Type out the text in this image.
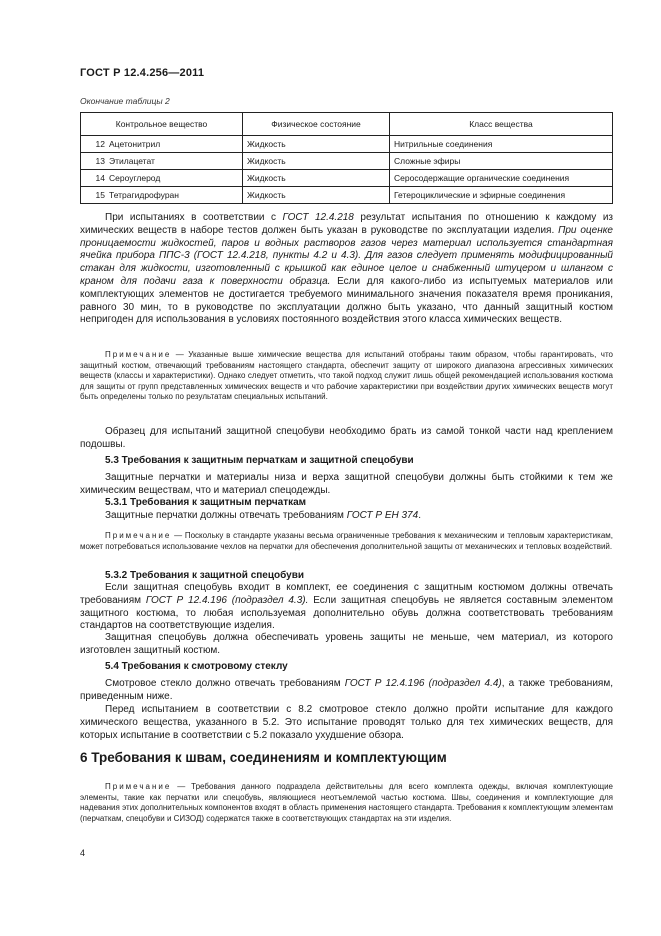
ГОСТ Р 12.4.256—2011
Окончание таблицы 2
Контрольное вещество	Физическое состояние	Класс вещества
12 Ацетонитрил	Жидкость	Нитрильные соединения
13 Этилацетат	Жидкость	Сложные эфиры
14 Сероуглерод	Жидкость	Серосодержащие органические соединения
15 Тетрагидрофуран	Жидкость	Гетероциклические и эфирные соединения

При испытаниях в соответствии с ГОСТ 12.4.218 результат испытания по отношению к каждому из химических веществ в наборе тестов должен быть указан в руководстве по эксплуатации изделия. При оценке проницаемости жидкостей, паров и водных растворов газов через материал используется стандартная ячейка прибора ППС-3 (ГОСТ 12.4.218, пункты 4.2 и 4.3). Для газов следует применять модифицированный стакан для жидкости, изготовленный с крышкой как единое целое и снабженный штуцером и шлангом с краном для подачи газа к поверхности образца. Если для какого-либо из испытуемых материалов или комплектующих элементов не достигается требуемого минимального значения показателя время проникания, равного 30 мин, то в руководстве по эксплуатации должно быть указано, что данный защитный костюм непригоден для использования в условиях постоянного воздействия этого класса химических веществ.

Примечание — Указанные выше химические вещества для испытаний отобраны таким образом, чтобы гарантировать, что защитный костюм, отвечающий требованиям настоящего стандарта, обеспечит защиту от широкого диапазона агрессивных химических веществ (классы и характеристики). Однако следует отметить, что такой подход служит лишь общей рекомендацией использования костюма для защиты от групп представленных химических веществ и что рабочие характеристики при воздействии других химических веществ могут быть определены только по результатам специальных испытаний.

Образец для испытаний защитной спецобуви необходимо брать из самой тонкой части над креплением подошвы.

5.3 Требования к защитным перчаткам и защитной спецобуви

Защитные перчатки и материалы низа и верха защитной спецобуви должны быть стойкими к тем же химическим веществам, что и материал спецодежды.

5.3.1 Требования к защитным перчаткам

Защитные перчатки должны отвечать требованиям ГОСТ Р ЕН 374.

Примечание — Поскольку в стандарте указаны весьма ограниченные требования к механическим и тепловым характеристикам, может потребоваться использование чехлов на перчатки для обеспечения дополнительной защиты от механических и тепловых воздействий.

5.3.2 Требования к защитной спецобуви

Если защитная спецобувь входит в комплект, ее соединения с защитным костюмом должны отвечать требованиям ГОСТ Р 12.4.196 (подраздел 4.3). Если защитная спецобувь не является составным элементом защитного костюма, то любая используемая дополнительно обувь должна соответствовать требованиям стандартов на соответствующие изделия.

Защитная спецобувь должна обеспечивать уровень защиты не меньше, чем материал, из которого изготовлен защитный костюм.

5.4 Требования к смотровому стеклу

Смотровое стекло должно отвечать требованиям ГОСТ Р 12.4.196 (подраздел 4.4), а также требованиям, приведенным ниже.

Перед испытанием в соответствии с 8.2 смотровое стекло должно пройти испытание для каждого химического вещества, указанного в 5.2. Это испытание проводят только для тех химических веществ, для которых испытание в соответствии с 5.2 показало ухудшение обзора.

6 Требования к швам, соединениям и комплектующим

Примечание — Требования данного подраздела действительны для всего комплекта одежды, включая комплектующие элементы, такие как перчатки или спецобувь, являющиеся неотъемлемой частью костюма. Швы, соединения и комплектующие для надевания этих дополнительных компонентов входят в область применения настоящего стандарта. Требования к комплектующим элементам (перчаткам, спецобуви и СИЗОД) содержатся также в соответствующих стандартах на эти изделия.

4
